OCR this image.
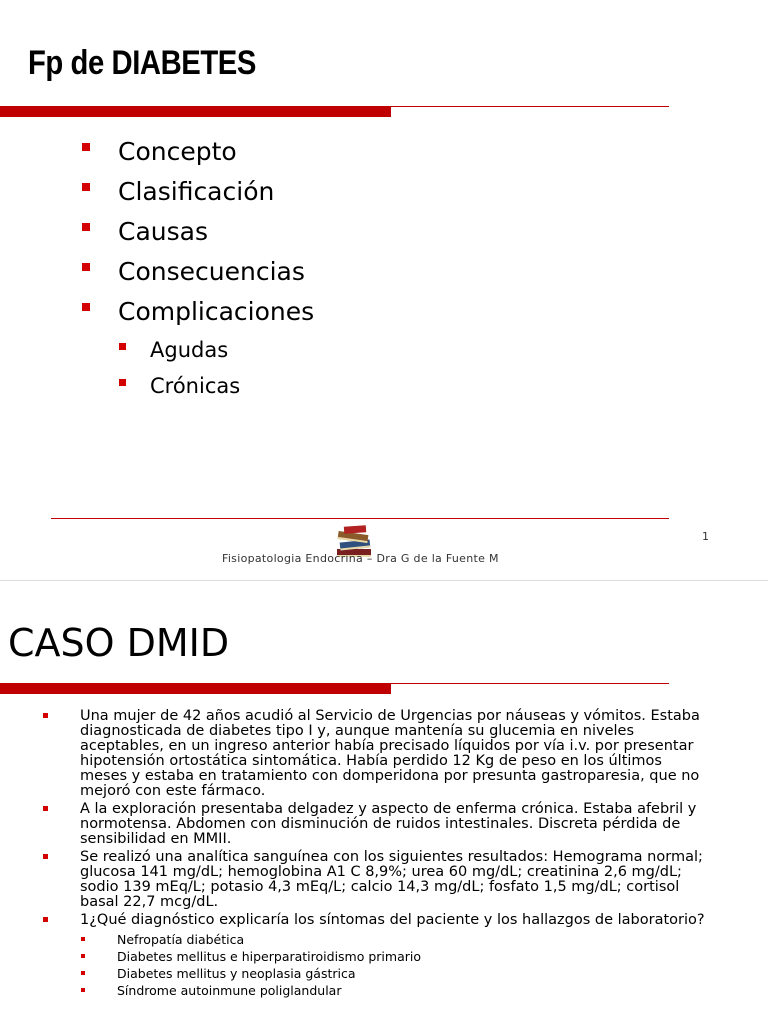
Fp de DIABETES
Concepto
Clasificación
Causas
Consecuencias
Complicaciones
Agudas
Crónicas
Fisiopatologia Endocrina – Dra G de la Fuente M
1
CASO DMID

Una mujer de 42 años acudió al Servicio de Urgencias por náuseas y vómitos. Estaba diagnosticada de diabetes tipo I y, aunque mantenía su glucemia en niveles aceptables, en un ingreso anterior había precisado líquidos por vía i.v. por presentar hipotensión ortostática sintomática. Había perdido 12 Kg de peso en los últimos meses y estaba en tratamiento con domperidona por presunta gastroparesia, que no mejoró con este fármaco.

A la exploración presentaba delgadez y aspecto de enferma crónica. Estaba afebril y normotensa. Abdomen con disminución de ruidos intestinales. Discreta pérdida de sensibilidad en MMII.

Se realizó una analítica sanguínea con los siguientes resultados: Hemograma normal; glucosa 141 mg/dL; hemoglobina A1 C 8,9%; urea 60 mg/dL; creatinina 2,6 mg/dL; sodio 139 mEq/L; potasio 4,3 mEq/L; calcio 14,3 mg/dL; fosfato 1,5 mg/dL; cortisol basal 22,7 mcg/dL.

1¿Qué diagnóstico explicaría los síntomas del paciente y los hallazgos de laboratorio?

Nefropatía diabética
Diabetes mellitus e hiperparatiroidismo primario
Diabetes mellitus y neoplasia gástrica
Síndrome autoinmune poliglandular
